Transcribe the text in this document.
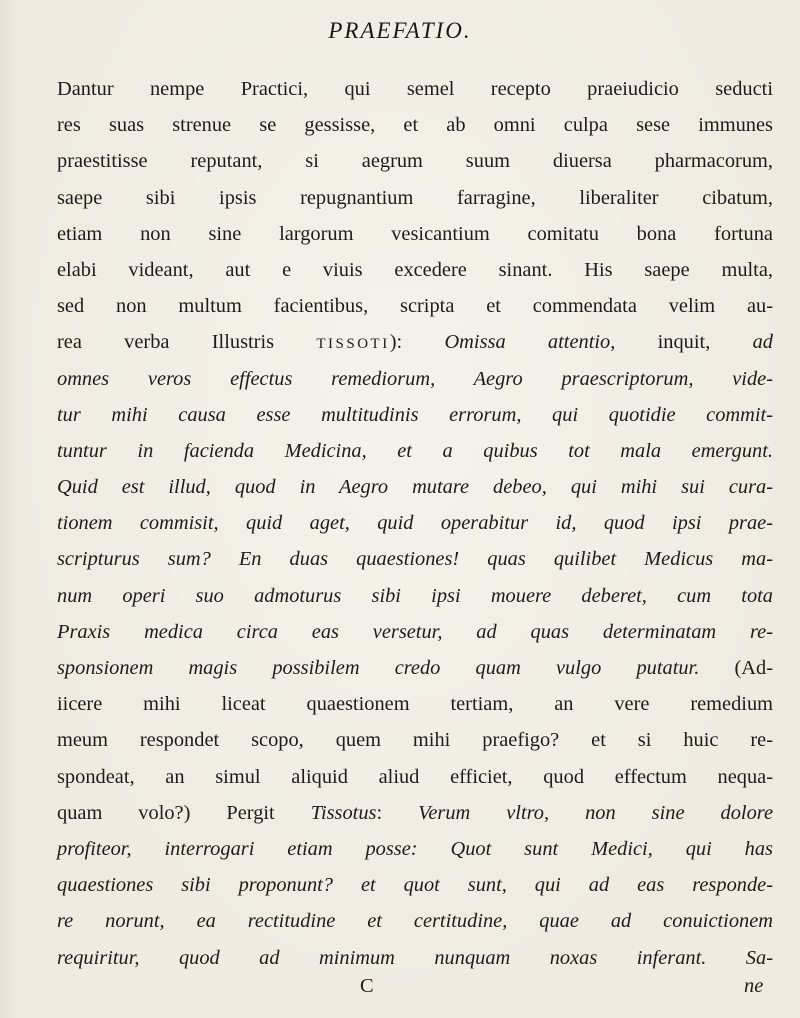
PRAEFATIO.
Dantur nempe Practici, qui semel recepto praeiudicio seducti
res suas strenue se gessisse, et ab omni culpa sese immunes
praestitisse reputant, si aegrum suum diuersa pharmacorum,
saepe sibi ipsis repugnantium farragine, liberaliter cibatum,
etiam non sine largorum vesicantium comitatu bona fortuna
elabi videant, aut e viuis excedere sinant. His saepe multa,
sed non multum facientibus, scripta et commendata velim au-
rea verba Illustris TISSOTI): Omissa attentio, inquit, ad
omnes veros effectus remediorum, Aegro praescriptorum, vide-
tur mihi causa esse multitudinis errorum, qui quotidie commit-
tuntur in facienda Medicina, et a quibus tot mala emergunt.
Quid est illud, quod in Aegro mutare debeo, qui mihi sui cura-
tionem commisit, quid aget, quid operabitur id, quod ipsi prae-
scripturus sum? En duas quaestiones! quas quilibet Medicus ma-
num operi suo admoturus sibi ipsi mouere deberet, cum tota
Praxis medica circa eas versetur, ad quas determinatam re-
sponsionem magis possibilem credo quam vulgo putatur. (Ad-
iicere mihi liceat quaestionem tertiam, an vere remedium
meum respondet scopo, quem mihi praefigo? et si huic re-
spondeat, an simul aliquid aliud efficiet, quod effectum nequa-
quam volo?) Pergit Tissotus: Verum vltro, non sine dolore
profiteor, interrogari etiam posse: Quot sunt Medici, qui has
quaestiones sibi proponunt? et quot sunt, qui ad eas responde-
re norunt, ea rectitudine et certitudine, quae ad conuictionem
requiritur, quod ad minimum nunquam noxas inferant. Sa-
C	ne
